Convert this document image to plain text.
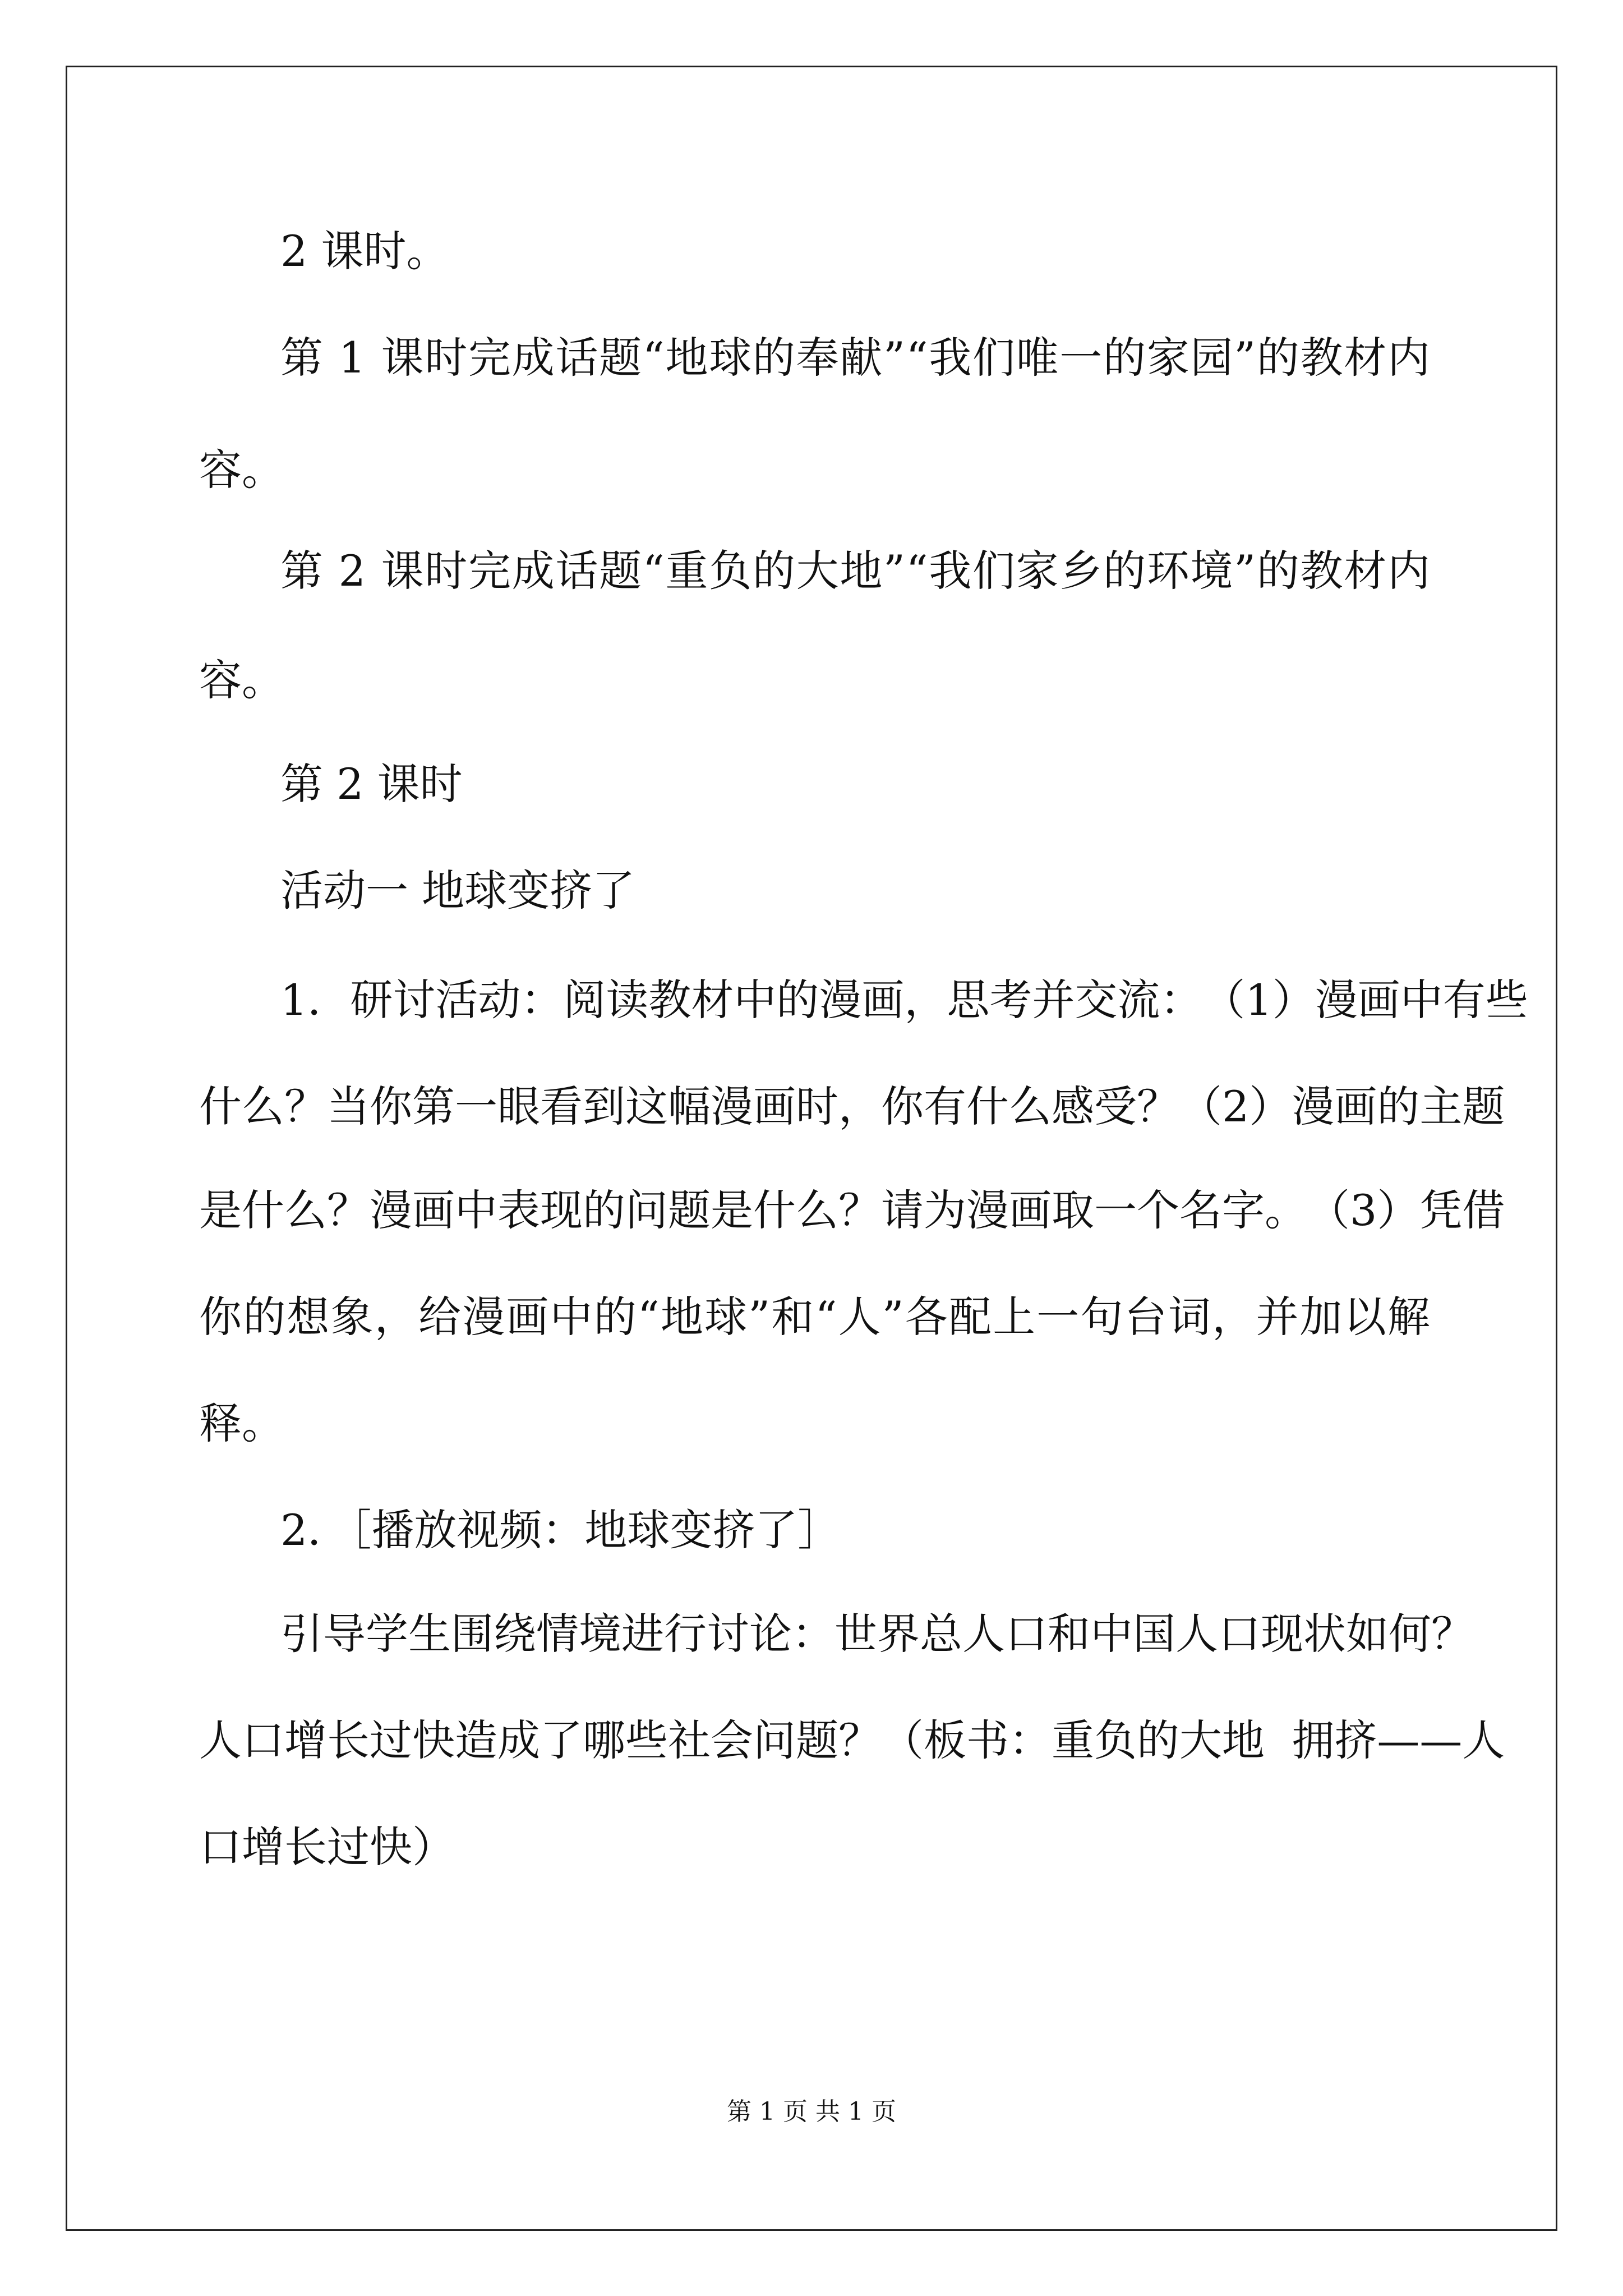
2 课时。
第
1
课 时 完 成 话 题 “ 地 球 的 奉 献 ” “ 我 们 唯 一 的 家 园 ” 的 教 材 内
容。
第
2
课 时 完 成 话 题 “ 重 负 的 大 地 ” “ 我 们 家 乡 的 环 境 ” 的 教 材 内
容。
第 2 课时
活动一 地球变挤了
1 ． 研 讨 活 动 ： 阅 读 教 材 中 的 漫 画 ， 思 考 并 交 流 ： （ 1 ） 漫 画 中 有 些
什 么 ？ 当 你 第 一 眼 看 到 这 幅 漫 画 时 ， 你 有 什 么 感 受 ？ （ 2 ） 漫 画 的 主 题
是 什 么 ？ 漫 画 中 表 现 的 问 题 是 什 么 ？ 请 为 漫 画 取 一 个 名 字 。 （ 3 ） 凭 借
你 的 想 象 ， 给 漫 画 中 的 “ 地 球 ” 和 “ 人 ” 各 配 上 一 句 台 词 ， 并 加 以 解
释。
2．［播放视频：地球变挤了］
引 导 学 生 围 绕 情 境 进 行 讨 论 ： 世 界 总 人 口 和 中 国 人 口 现 状 如 何 ？
人 口 增 长 过 快 造 成 了 哪 些 社 会 问 题 ？ （ 板 书 ： 重 负 的 大 地

拥 挤 — — 人
口增长过快）
第 1 页 共 1 页
